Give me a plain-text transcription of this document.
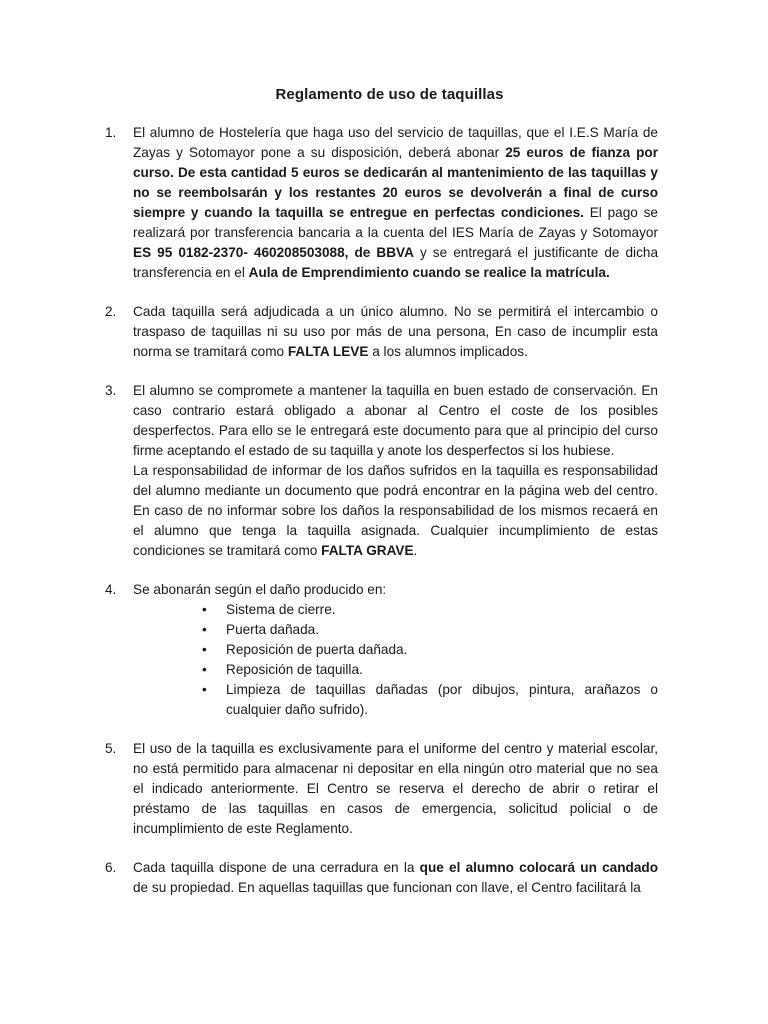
Reglamento de uso de taquillas
1. El alumno de Hostelería que haga uso del servicio de taquillas, que el I.E.S María de Zayas y Sotomayor pone a su disposición, deberá abonar 25 euros de fianza por curso. De esta cantidad 5 euros se dedicarán al mantenimiento de las taquillas y no se reembolsarán y los restantes 20 euros se devolverán a final de curso siempre y cuando la taquilla se entregue en perfectas condiciones. El pago se realizará por transferencia bancaria a la cuenta del IES María de Zayas y Sotomayor ES 95 0182-2370- 460208503088, de BBVA y se entregará el justificante de dicha transferencia en el Aula de Emprendimiento cuando se realice la matrícula.

2. Cada taquilla será adjudicada a un único alumno. No se permitirá el intercambio o traspaso de taquillas ni su uso por más de una persona, En caso de incumplir esta norma se tramitará como FALTA LEVE a los alumnos implicados.

3. El alumno se compromete a mantener la taquilla en buen estado de conservación. En caso contrario estará obligado a abonar al Centro el coste de los posibles desperfectos. Para ello se le entregará este documento para que al principio del curso firme aceptando el estado de su taquilla y anote los desperfectos si los hubiese.

La responsabilidad de informar de los daños sufridos en la taquilla es responsabilidad del alumno mediante un documento que podrá encontrar en la página web del centro. En caso de no informar sobre los daños la responsabilidad de los mismos recaerá en el alumno que tenga la taquilla asignada. Cualquier incumplimiento de estas condiciones se tramitará como FALTA GRAVE.

4. Se abonarán según el daño producido en:

• Sistema de cierre.
• Puerta dañada.
• Reposición de puerta dañada.
• Reposición de taquilla.
• Limpieza de taquillas dañadas (por dibujos, pintura, arañazos o cualquier daño sufrido).
5. El uso de la taquilla es exclusivamente para el uniforme del centro y material escolar, no está permitido para almacenar ni depositar en ella ningún otro material que no sea el indicado anteriormente. El Centro se reserva el derecho de abrir o retirar el préstamo de las taquillas en casos de emergencia, solicitud policial o de incumplimiento de este Reglamento.

6. Cada taquilla dispone de una cerradura en la que el alumno colocará un candado de su propiedad. En aquellas taquillas que funcionan con llave, el Centro facilitará la
